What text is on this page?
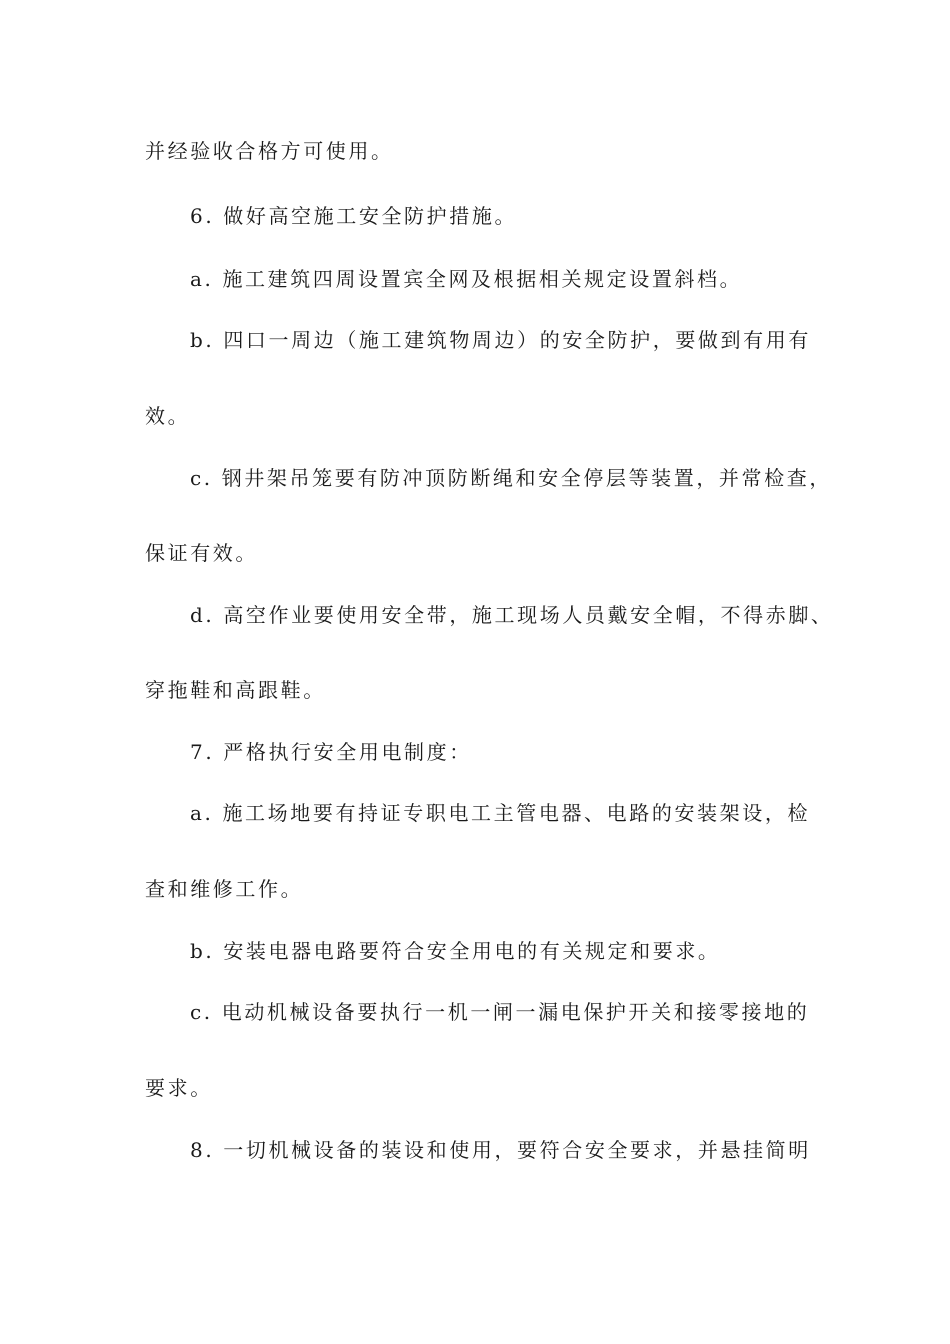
并经验收合格方可使用。
6. 做好高空施工安全防护措施。
a. 施工建筑四周设置宾全网及根据相关规定设置斜档。
b. 四口一周边（施工建筑物周边）的安全防护，要做到有用有
效。
c. 钢井架吊笼要有防冲顶防断绳和安全停层等装置，并常检查，
保证有效。
d. 高空作业要使用安全带，施工现场人员戴安全帽，不得赤脚、
穿拖鞋和高跟鞋。
7. 严格执行安全用电制度：
a. 施工场地要有持证专职电工主管电器、电路的安装架设，检
查和维修工作。
b. 安装电器电路要符合安全用电的有关规定和要求。
c. 电动机械设备要执行一机一闸一漏电保护开关和接零接地的
要求。
8. 一切机械设备的装设和使用，要符合安全要求，并悬挂简明
